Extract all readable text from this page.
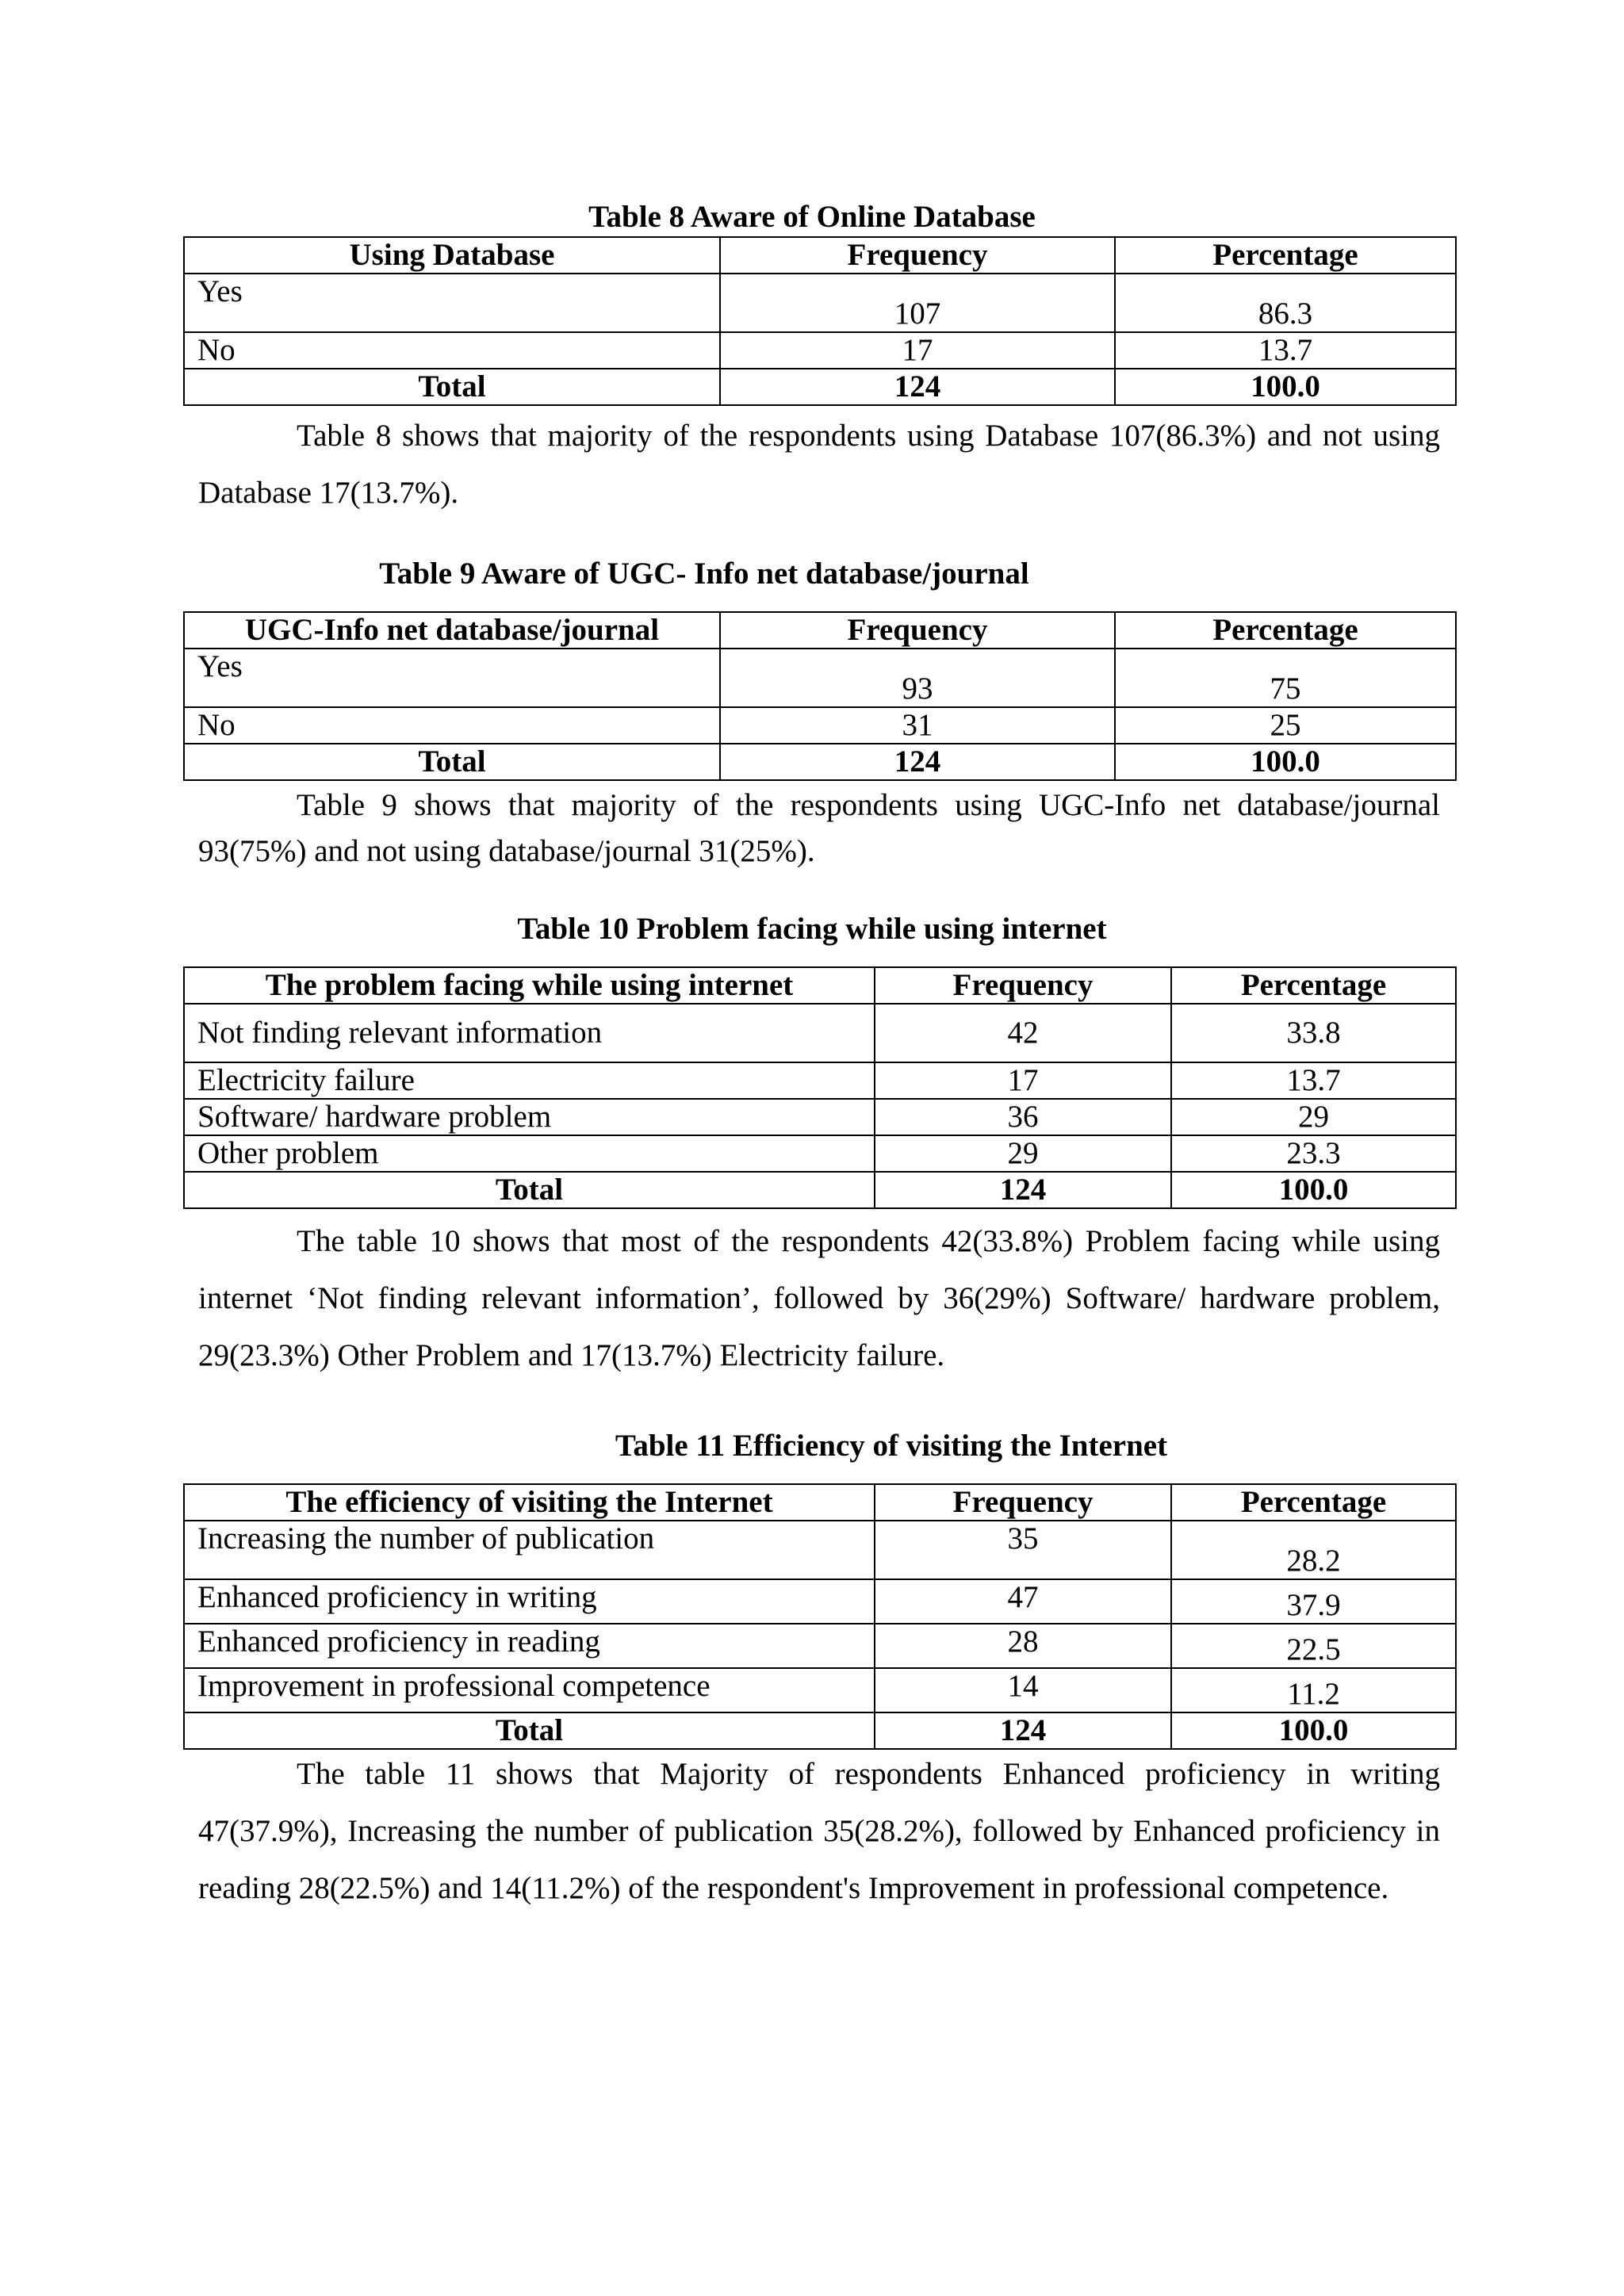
Table 8 Aware of Online Database
Using Database	Frequency	Percentage
Yes	107	86.3
No	17	13.7
Total	124	100.0

Table 8 shows that majority of the respondents using Database 107(86.3%) and not using Database 17(13.7%).

Table 9 Aware of UGC- Info net database/journal
UGC-Info net database/journal	Frequency	Percentage
Yes	93	75
No	31	25
Total	124	100.0

Table 9 shows that majority of the respondents using UGC-Info net database/journal 93(75%) and not using database/journal 31(25%).

Table 10 Problem facing while using internet
The problem facing while using internet	Frequency	Percentage
Not finding relevant information	42	33.8
Electricity failure	17	13.7
Software/ hardware problem	36	29
Other problem	29	23.3
Total	124	100.0

The table 10 shows that most of the respondents 42(33.8%) Problem facing while using internet ‘Not finding relevant information’, followed by 36(29%) Software/ hardware problem, 29(23.3%) Other Problem and 17(13.7%) Electricity failure.

Table 11 Efficiency of visiting the Internet
The efficiency of visiting the Internet	Frequency	Percentage
Increasing the number of publication	35	28.2
Enhanced proficiency in writing	47	37.9
Enhanced proficiency in reading	28	22.5
Improvement in professional competence	14	11.2
Total	124	100.0

The table 11 shows that Majority of respondents Enhanced proficiency in writing 47(37.9%), Increasing the number of publication 35(28.2%), followed by Enhanced proficiency in reading 28(22.5%) and 14(11.2%) of the respondent's Improvement in professional competence.
